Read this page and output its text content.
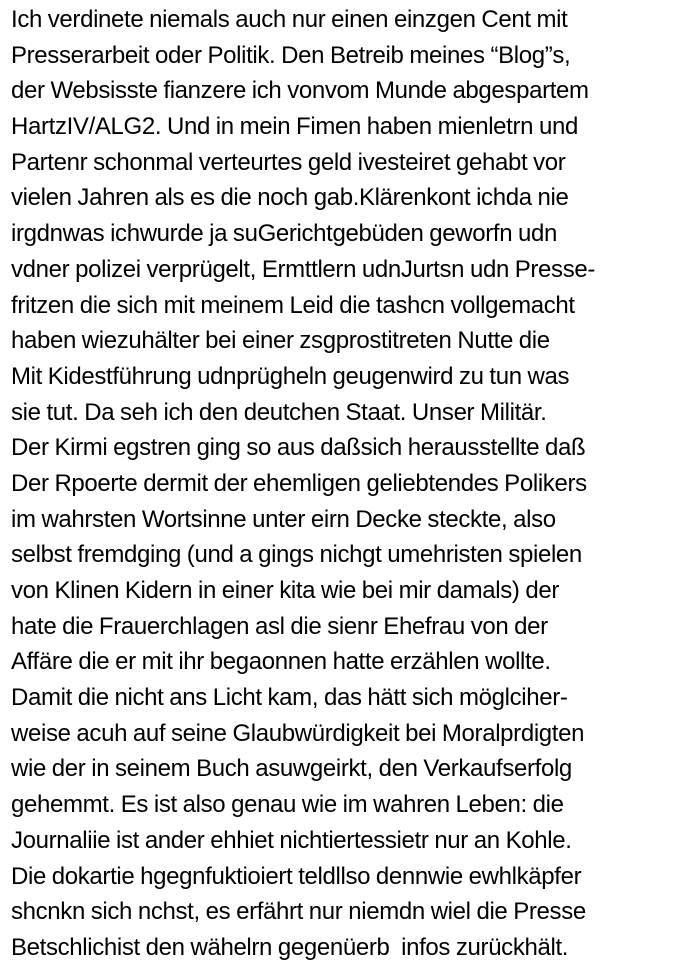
Ich verdinete niemals auch nur einen einzgen Cent mit
Presserarbeit oder Politik. Den Betreib meines “Blog”s,
der Websisste fianzere ich vonvom Munde abgespartem
HartzIV/ALG2. Und in mein Fimen haben mienletrn und
Partenr schonmal verteurtes geld ivesteiret gehabt vor
vielen Jahren als es die noch gab.Klärenkont ichda nie
irgdnwas ichwurde ja suGerichtgebüden geworfn udn
vdner polizei verprügelt, Ermttlern udnJurtsn udn Presse-
fritzen die sich mit meinem Leid die tashcn vollgemacht
haben wiezuhälter bei einer zsgprostitreten Nutte die
Mit Kidestführung udnprügheln geugenwird zu tun was
sie tut. Da seh ich den deutchen Staat. Unser Militär.
Der Kirmi egstren ging so aus daßsich herausstellte daß
Der Rpoerte dermit der ehemligen geliebtendes Polikers
im wahrsten Wortsinne unter eirn Decke steckte, also
selbst fremdging (und a gings nichgt umehristen spielen
von Klinen Kidern in einer kita wie bei mir damals) der
hate die Frauerchlagen asl die sienr Ehefrau von der
Affäre die er mit ihr begaonnen hatte erzählen wollte.
Damit die nicht ans Licht kam, das hätt sich möglciher-
weise acuh auf seine Glaubwürdigkeit bei Moralprdigten
wie der in seinem Buch asuwgeirkt, den Verkaufserfolg
gehemmt. Es ist also genau wie im wahren Leben: die
Journaliie ist ander ehhiet nichtiertessietr nur an Kohle.
Die dokartie hgegnfuktioiert teldllso dennwie ewhlkäpfer
shcnkn sich nchst, es erfährt nur niemdn wiel die Presse
Betschlichist den wähelrn gegenüerb  infos zurückhält.
